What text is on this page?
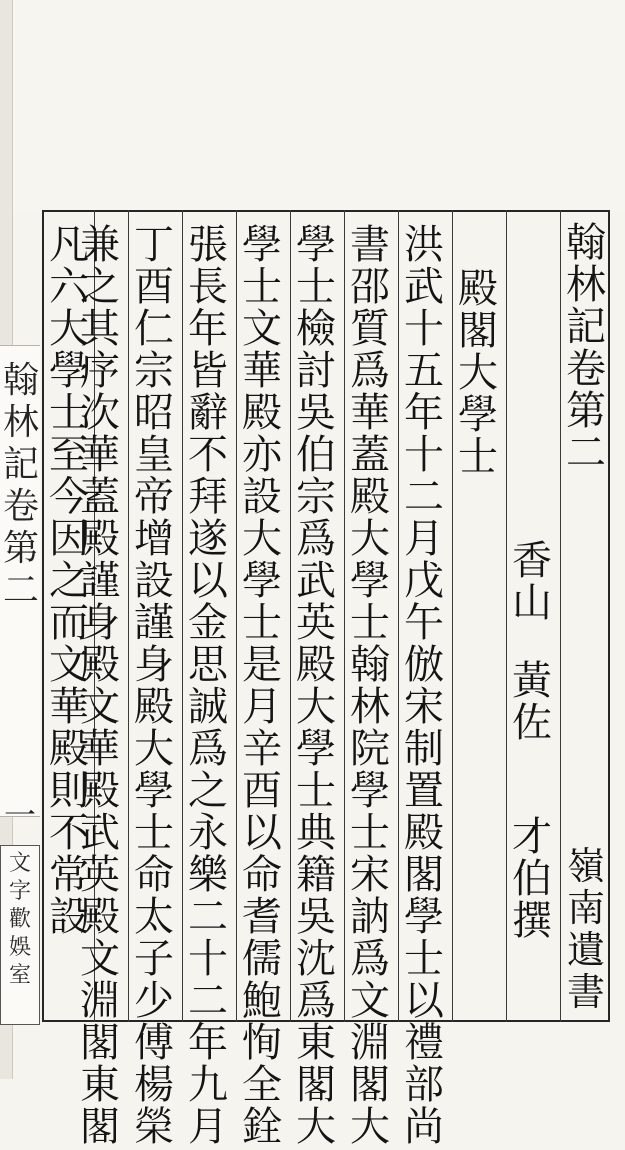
翰
林
記
卷
第
二
嶺
南
遺
書
香
山
黃
佐
才
伯
撰
殿
閣
大
學
士
洪
武
十
五
年
十
二
月
戊
午
倣
宋
制
置
殿
閣
學
士
以
禮
部
尚
書
邵
質
爲
華
蓋
殿
大
學
士
翰
林
院
學
士
宋
訥
爲
文
淵
閣
大
學
士
檢
討
吳
伯
宗
爲
武
英
殿
大
學
士
典
籍
吳
沈
爲
東
閣
大
學
士
文
華
殿
亦
設
大
學
士
是
月
辛
酉
以
命
耆
儒
鮑
恂
全
銓
張
長
年
皆
辭
不
拜
遂
以
金
思
誠
爲
之
永
樂
二
十
二
年
九
月
丁
酉
仁
宗
昭
皇
帝
增
設
謹
身
殿
大
學
士
命
太
子
少
傅
楊
榮
兼
之
其
序
次
華
蓋
殿
謹
身
殿
文
華
殿
武
英
殿
文
淵
閣
東
閣
凡
六
大
學
士
至
今
因
之
而
文
華
殿
則
不
常
設
翰
林
記
卷
第
二
一
文
字
歡
娛
室
